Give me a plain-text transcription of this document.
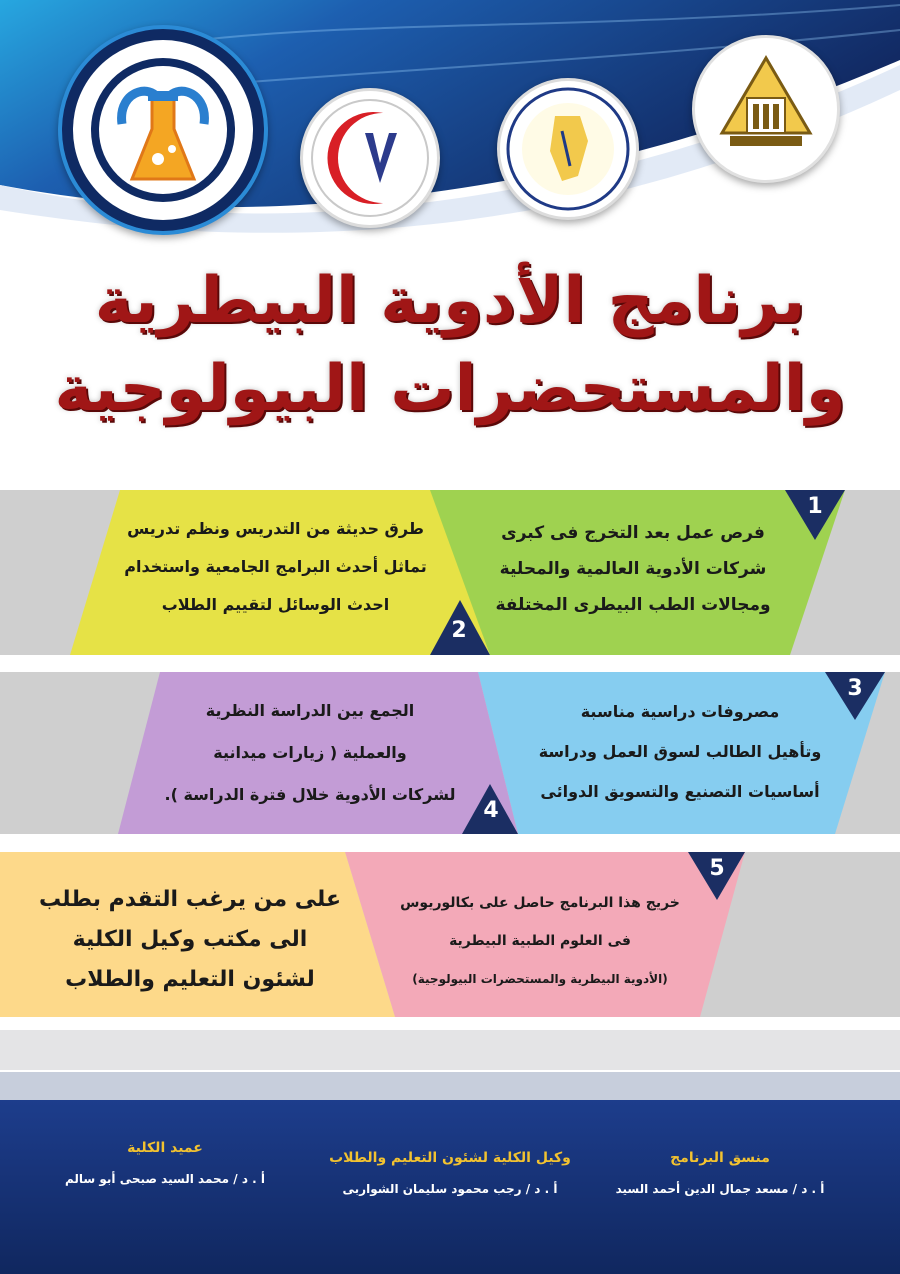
برنامج الأدوية البيطرية
والمستحضرات البيولوجية
1
2
3
4
5
فرص عمل بعد التخرج فى كبرى
شركات الأدوية العالمية والمحلية
ومجالات الطب البيطرى المختلفة
طرق حديثة من التدريس ونظم تدريس
تماثل أحدث البرامج الجامعية واستخدام
احدث الوسائل لتقييم الطلاب
مصروفات دراسية مناسبة
وتأهيل الطالب لسوق العمل ودراسة
أساسيات التصنيع والتسويق الدوائى
الجمع بين الدراسة النظرية
والعملية ( زيارات ميدانية
لشركات الأدوية خلال فترة الدراسة ).
خريج هذا البرنامج حاصل على بكالوريوس
فى العلوم الطبية البيطرية
(الأدوية البيطرية والمستحضرات البيولوجية)
على من يرغب التقدم بطلب
الى مكتب وكيل الكلية
لشئون التعليم والطلاب
منسق البرنامج
أ . د / مسعد جمال الدين أحمد السيد
وكيل الكلية لشئون التعليم والطلاب
أ . د / رجب محمود سليمان الشواربى
عميد الكلية
أ . د / محمد السيد صبحى أبو سالم
